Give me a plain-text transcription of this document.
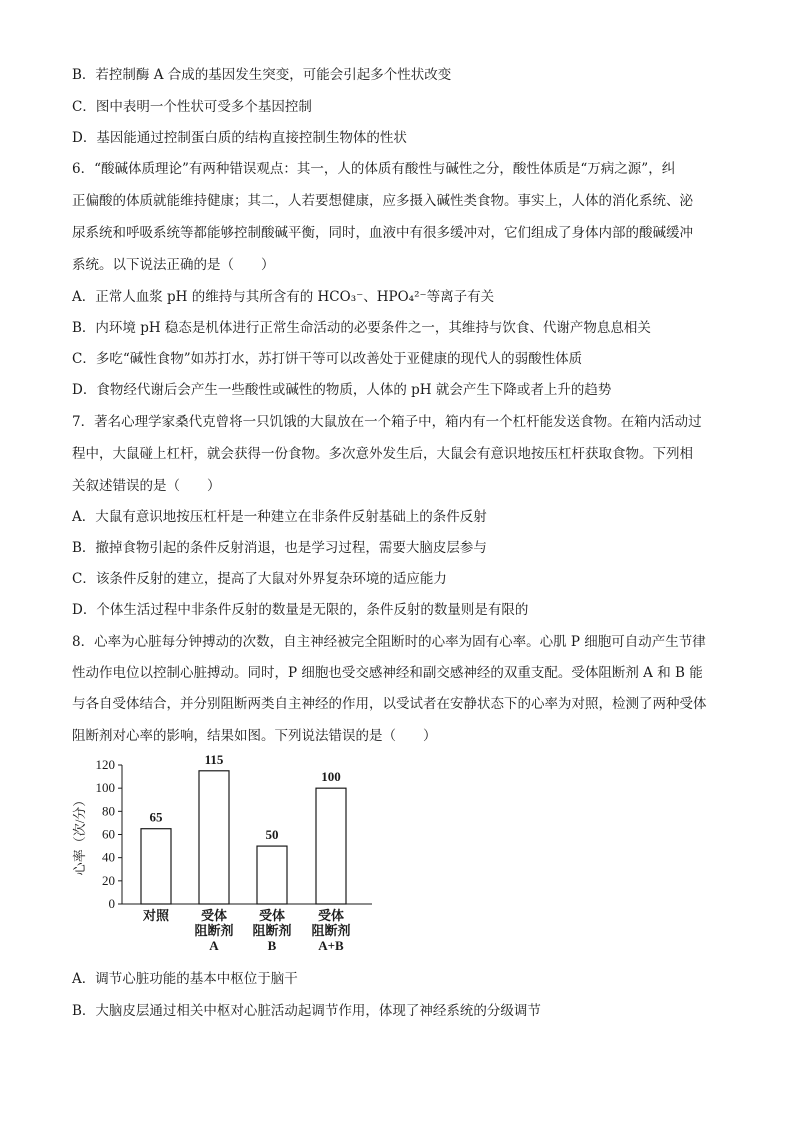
B．若控制酶 A 合成的基因发生突变，可能会引起多个性状改变
C．图中表明一个性状可受多个基因控制
D．基因能通过控制蛋白质的结构直接控制生物体的性状
6．“酸碱体质理论”有两种错误观点：其一，人的体质有酸性与碱性之分，酸性体质是“万病之源”，纠
正偏酸的体质就能维持健康；其二，人若要想健康，应多摄入碱性类食物。事实上，人体的消化系统、泌
尿系统和呼吸系统等都能够控制酸碱平衡，同时，血液中有很多缓冲对，它们组成了身体内部的酸碱缓冲
系统。以下说法正确的是（　　）
A．正常人血浆 pH 的维持与其所含有的 HCO₃⁻、HPO₄²⁻等离子有关
B．内环境 pH 稳态是机体进行正常生命活动的必要条件之一，其维持与饮食、代谢产物息息相关
C．多吃“碱性食物”如苏打水，苏打饼干等可以改善处于亚健康的现代人的弱酸性体质
D．食物经代谢后会产生一些酸性或碱性的物质，人体的 pH 就会产生下降或者上升的趋势
7．著名心理学家桑代克曾将一只饥饿的大鼠放在一个箱子中，箱内有一个杠杆能发送食物。在箱内活动过
程中，大鼠碰上杠杆，就会获得一份食物。多次意外发生后，大鼠会有意识地按压杠杆获取食物。下列相
关叙述错误的是（　　）
A．大鼠有意识地按压杠杆是一种建立在非条件反射基础上的条件反射
B．撤掉食物引起的条件反射消退，也是学习过程，需要大脑皮层参与
C．该条件反射的建立，提高了大鼠对外界复杂环境的适应能力
D．个体生活过程中非条件反射的数量是无限的，条件反射的数量则是有限的
8．心率为心脏每分钟搏动的次数，自主神经被完全阻断时的心率为固有心率。心肌 P 细胞可自动产生节律
性动作电位以控制心脏搏动。同时，P 细胞也受交感神经和副交感神经的双重支配。受体阻断剂 A 和 B 能
与各自受体结合，并分别阻断两类自主神经的作用，以受试者在安静状态下的心率为对照，检测了两种受体
阻断剂对心率的影响，结果如图。下列说法错误的是（　　）
0
20
40
60
80
100
120
心率（次/分）	65
对照
115
受体
阻断剂
A
50
受体
阻断剂
B
100
受体
阻断剂
A+B
A．调节心脏功能的基本中枢位于脑干
B．大脑皮层通过相关中枢对心脏活动起调节作用，体现了神经系统的分级调节
